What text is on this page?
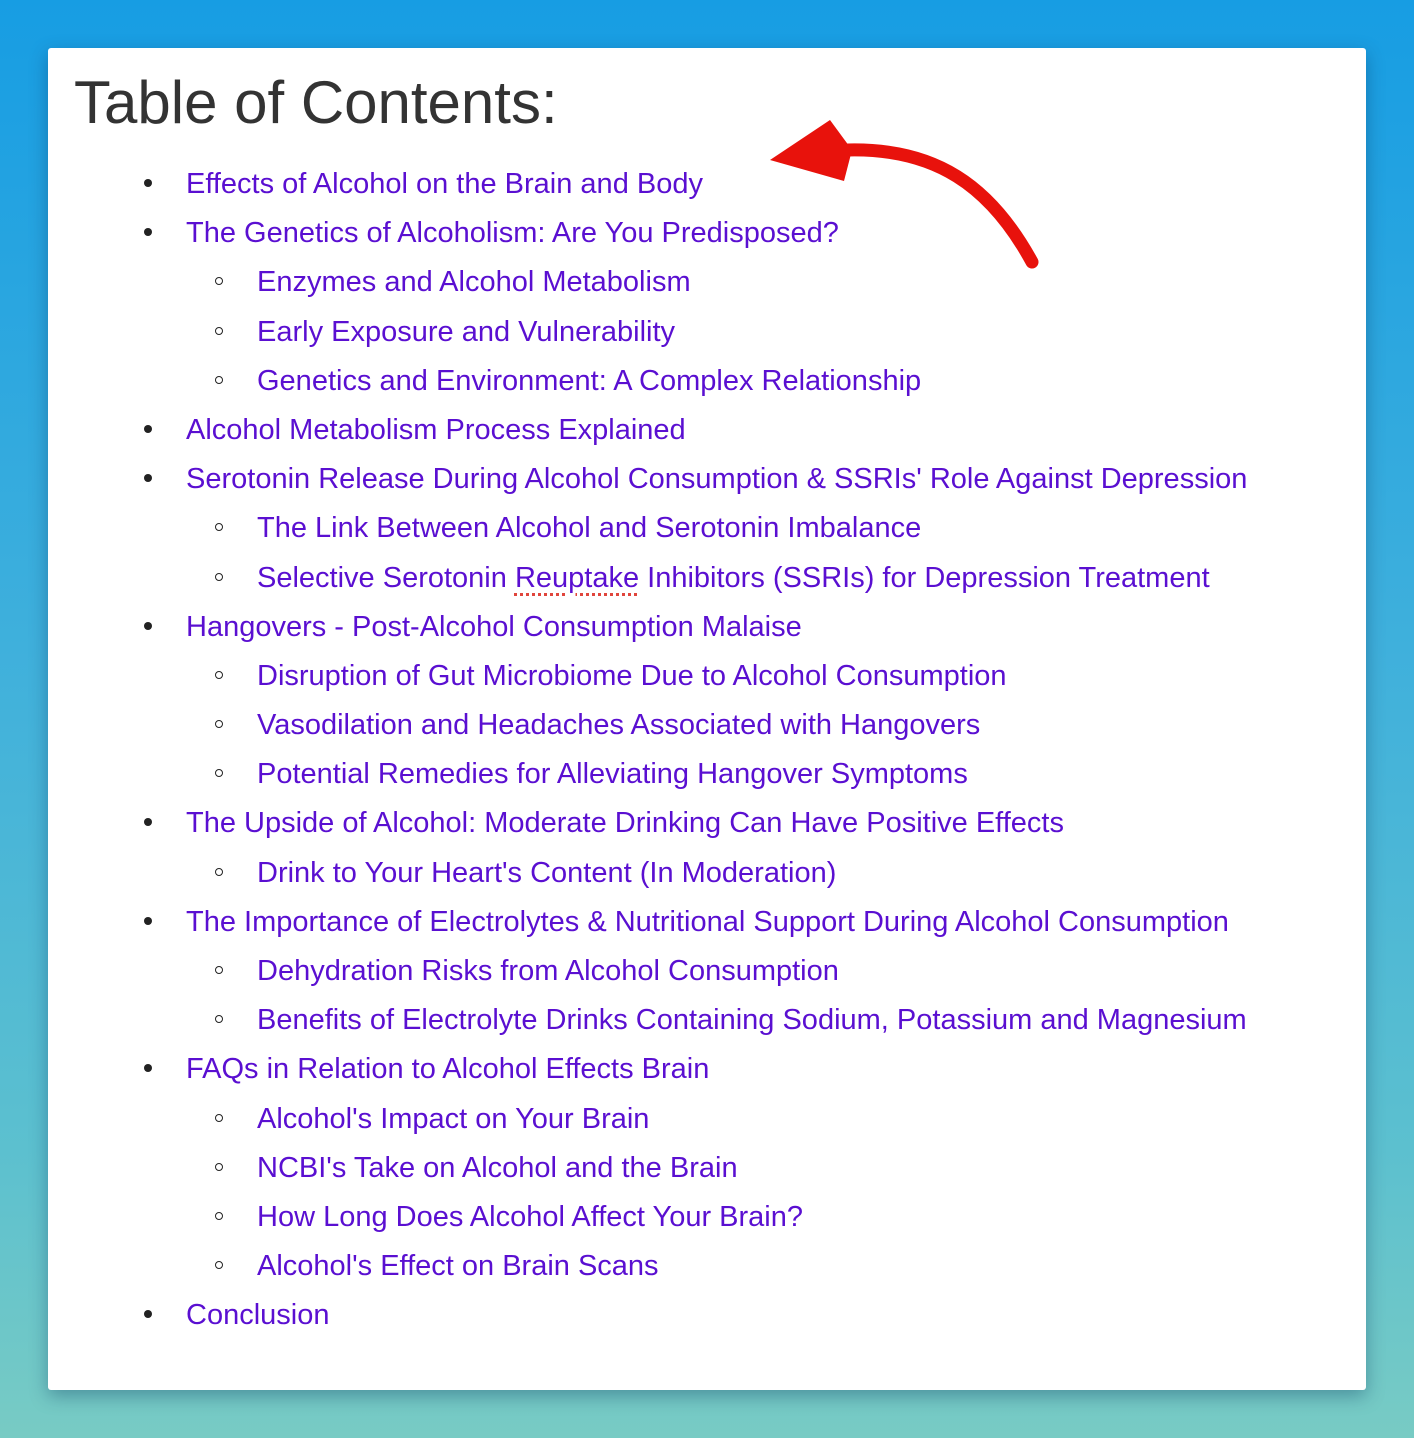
Table of Contents:
Effects of Alcohol on the Brain and Body
The Genetics of Alcoholism: Are You Predisposed?
Enzymes and Alcohol Metabolism
Early Exposure and Vulnerability
Genetics and Environment: A Complex Relationship
Alcohol Metabolism Process Explained
Serotonin Release During Alcohol Consumption & SSRIs' Role Against Depression
The Link Between Alcohol and Serotonin Imbalance
Selective Serotonin Reuptake Inhibitors (SSRIs) for Depression Treatment
Hangovers - Post-Alcohol Consumption Malaise
Disruption of Gut Microbiome Due to Alcohol Consumption
Vasodilation and Headaches Associated with Hangovers
Potential Remedies for Alleviating Hangover Symptoms
The Upside of Alcohol: Moderate Drinking Can Have Positive Effects
Drink to Your Heart's Content (In Moderation)
The Importance of Electrolytes & Nutritional Support During Alcohol Consumption
Dehydration Risks from Alcohol Consumption
Benefits of Electrolyte Drinks Containing Sodium, Potassium and Magnesium
FAQs in Relation to Alcohol Effects Brain
Alcohol's Impact on Your Brain
NCBI's Take on Alcohol and the Brain
How Long Does Alcohol Affect Your Brain?
Alcohol's Effect on Brain Scans
Conclusion
